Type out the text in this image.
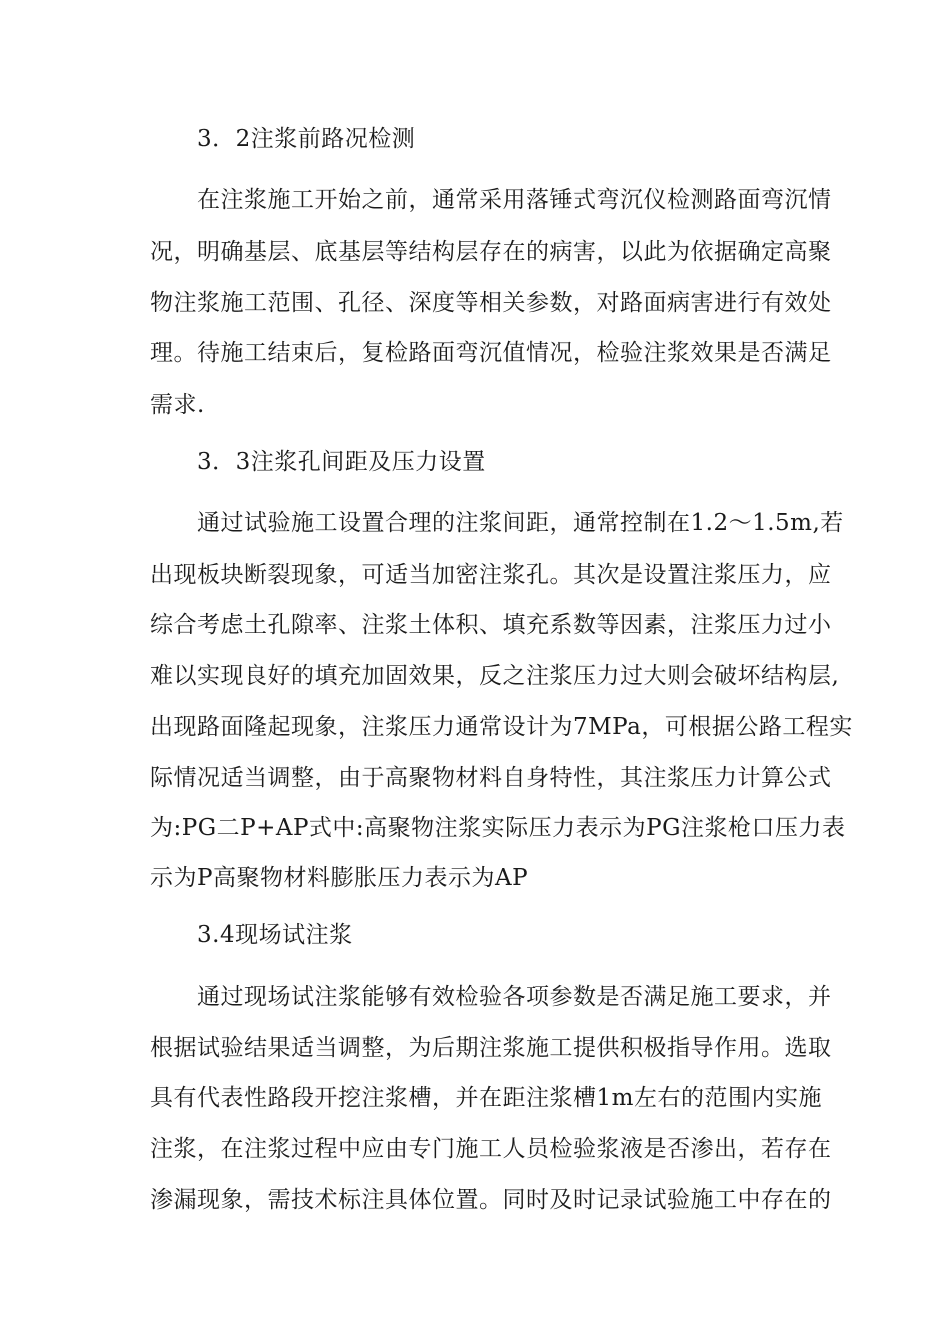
3．2注浆前路况检测
在注浆施工开始之前，通常采用落锤式弯沉仪检测路面弯沉情
况，明确基层、底基层等结构层存在的病害，以此为依据确定高聚
物注浆施工范围、孔径、深度等相关参数，对路面病害进行有效处
理。待施工结束后，复检路面弯沉值情况，检验注浆效果是否满足
需求.
3．3注浆孔间距及压力设置
通过试验施工设置合理的注浆间距，通常控制在1.2〜1.5m,若
出现板块断裂现象，可适当加密注浆孔。其次是设置注浆压力，应
综合考虑土孔隙率、注浆土体积、填充系数等因素，注浆压力过小
难以实现良好的填充加固效果，反之注浆压力过大则会破坏结构层,
出现路面隆起现象，注浆压力通常设计为7MPa，可根据公路工程实
际情况适当调整，由于高聚物材料自身特性，其注浆压力计算公式
为:PG二P+AP式中:高聚物注浆实际压力表示为PG注浆枪口压力表
示为P高聚物材料膨胀压力表示为AP
3.4现场试注浆
通过现场试注浆能够有效检验各项参数是否满足施工要求，并
根据试验结果适当调整，为后期注浆施工提供积极指导作用。选取
具有代表性路段开挖注浆槽，并在距注浆槽1m左右的范围内实施
注浆，在注浆过程中应由专门施工人员检验浆液是否渗出，若存在
渗漏现象，需技术标注具体位置。同时及时记录试验施工中存在的
